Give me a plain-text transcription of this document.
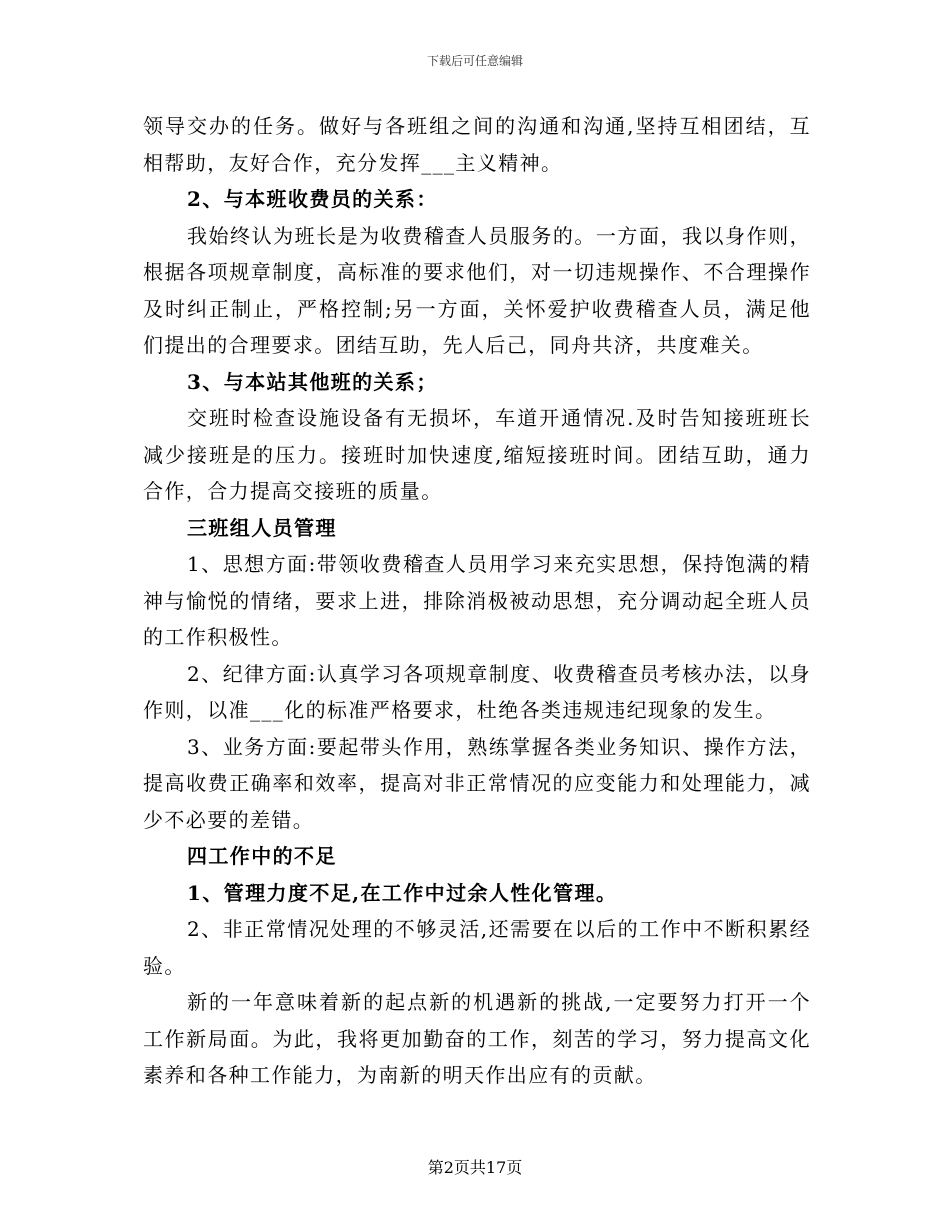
下载后可任意编辑

领导交办的任务。做好与各班组之间的沟通和沟通,坚持互相团结，互相帮助，友好合作，充分发挥___主义精神。

2、与本班收费员的关系：

我始终认为班长是为收费稽查人员服务的。一方面，我以身作则，根据各项规章制度，高标准的要求他们，对一切违规操作、不合理操作及时纠正制止，严格控制;另一方面，关怀爱护收费稽查人员，满足他们提出的合理要求。团结互助，先人后己，同舟共济，共度难关。

3、与本站其他班的关系；

交班时检查设施设备有无损坏，车道开通情况.及时告知接班班长减少接班是的压力。接班时加快速度,缩短接班时间。团结互助，通力合作，合力提高交接班的质量。

三班组人员管理

1、思想方面:带领收费稽查人员用学习来充实思想，保持饱满的精神与愉悦的情绪，要求上进，排除消极被动思想，充分调动起全班人员的工作积极性。

2、纪律方面:认真学习各项规章制度、收费稽查员考核办法，以身作则，以准___化的标准严格要求，杜绝各类违规违纪现象的发生。

3、业务方面:要起带头作用，熟练掌握各类业务知识、操作方法，提高收费正确率和效率，提高对非正常情况的应变能力和处理能力，减少不必要的差错。

四工作中的不足

1、管理力度不足,在工作中过余人性化管理。

2、非正常情况处理的不够灵活,还需要在以后的工作中不断积累经验。

新的一年意味着新的起点新的机遇新的挑战,一定要努力打开一个工作新局面。为此，我将更加勤奋的工作，刻苦的学习，努力提高文化素养和各种工作能力，为南新的明天作出应有的贡献。

第2页共17页
